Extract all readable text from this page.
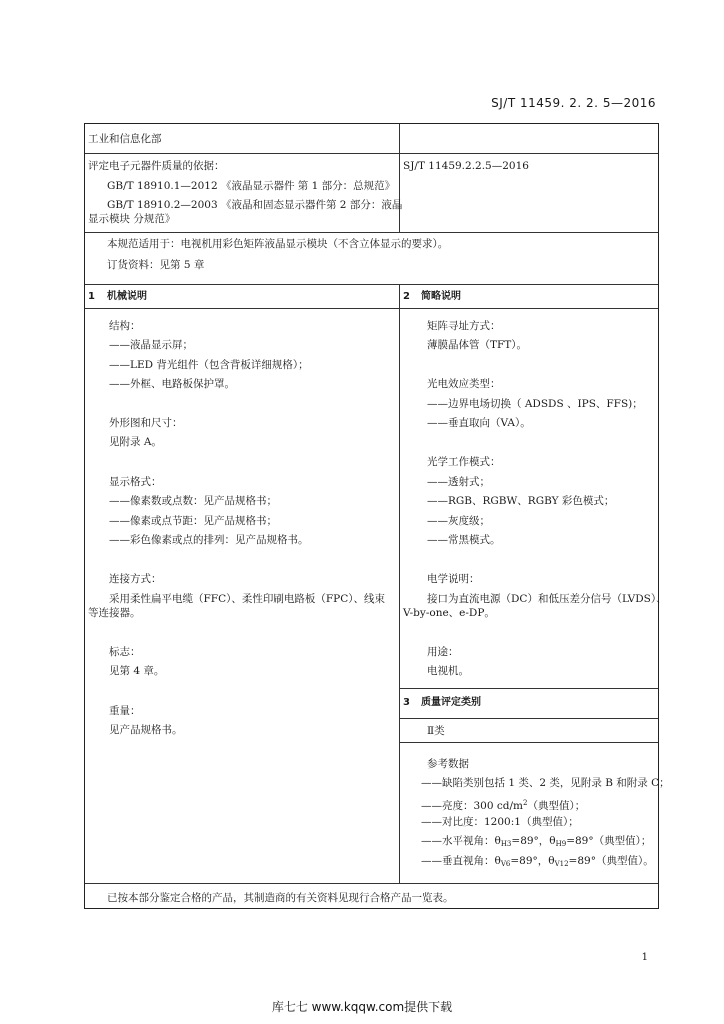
SJ/T 11459. 2. 2. 5—2016
工业和信息化部
评定电子元器件质量的依据：
GB/T 18910.1—2012 《液晶显示器件 第 1 部分：总规范》
GB/T 18910.2—2003 《液晶和固态显示器件第 2 部分：液晶
显示模块 分规范》
SJ/T 11459.2.2.5—2016
本规范适用于：电视机用彩色矩阵液晶显示模块（不含立体显示的要求）。
订货资料：见第 5 章
1 机械说明	2 简略说明
结构：
——液晶显示屏；
——LED 背光组件（包含背板详细规格）；
——外框、电路板保护罩。
外形图和尺寸：
见附录 A。
显示格式：
——像素数或点数：见产品规格书；
——像素或点节距：见产品规格书；
——彩色像素或点的排列：见产品规格书。
连接方式：
采用柔性扁平电缆（FFC）、柔性印刷电路板（FPC）、线束
等连接器。
标志：
见第 4 章。
重量：
见产品规格书。
矩阵寻址方式：
薄膜晶体管（TFT）。
光电效应类型：
——边界电场切换（ ADSDS 、IPS、FFS)；
——垂直取向（VA）。
光学工作模式：
——透射式；
——RGB、RGBW、RGBY 彩色模式；
——灰度级；
——常黑模式。
电学说明：
接口为直流电源（DC）和低压差分信号（LVDS）、
V-by-one、e-DP。
用途：
电视机。
3 质量评定类别
Ⅱ类
参考数据
——缺陷类别包括 1 类、2 类，见附录 B 和附录 C；
——亮度：300 $cd/m^2$（典型值）；
——对比度：1200:1（典型值）；
——水平视角：$\theta_{H3}=89^\circ$，$\theta_{H9}=89^\circ$（典型值）；
——垂直视角：$\theta_{V6}=89^\circ$，$\theta_{V12}=89^\circ$（典型值）。
已按本部分鉴定合格的产品，其制造商的有关资料见现行合格产品一览表。
1
库七七 www.kqqw.com提供下载
